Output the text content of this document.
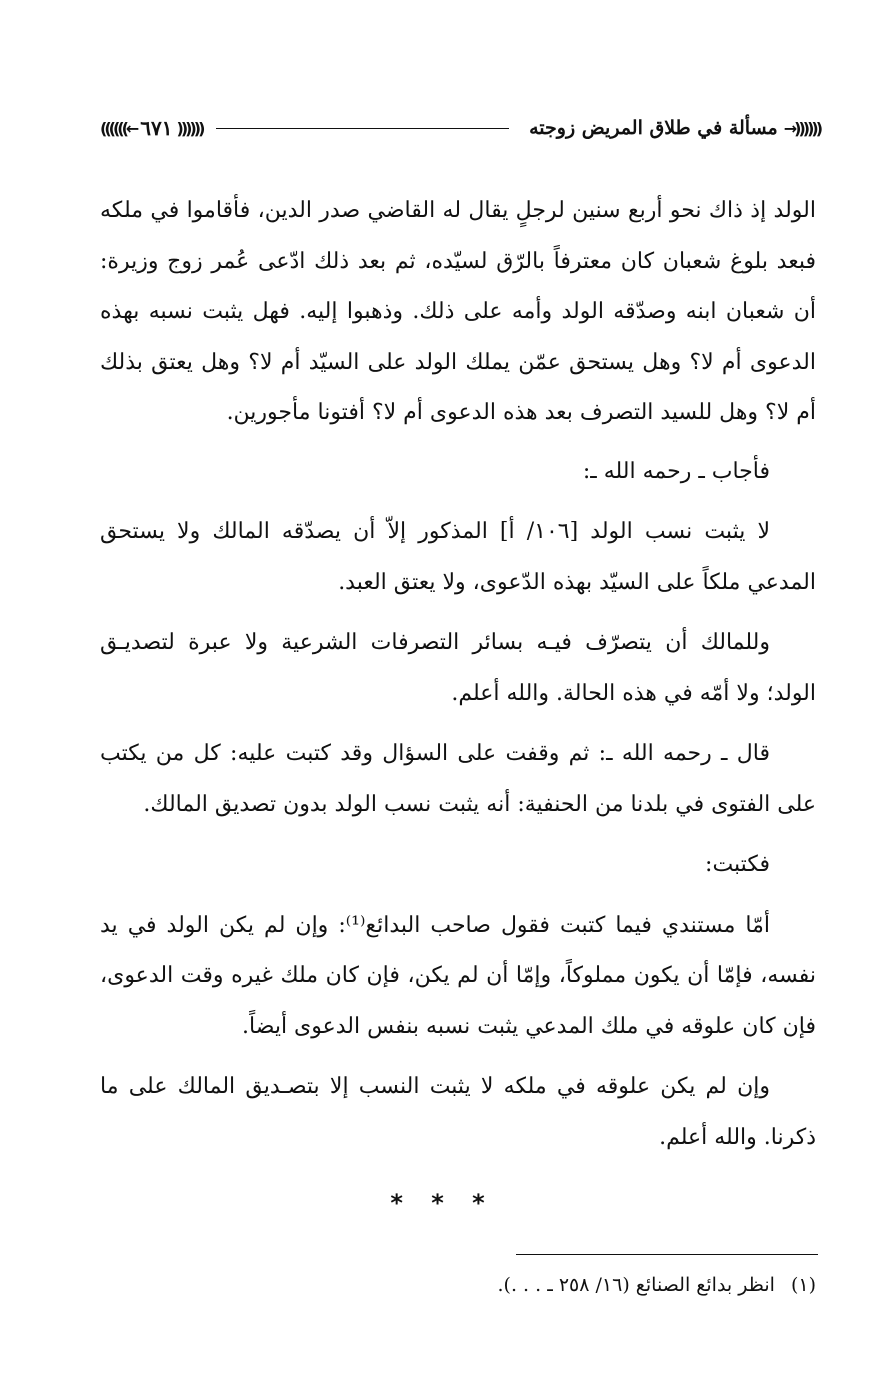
→))))))
مسألة في طلاق المريض زوجته
))))))
٦٧١
((((((←

الولد إذ ذاك نحو أربع سنين لرجلٍ يقال له القاضي صدر الدين، فأقاموا في ملكه فبعد بلوغ شعبان كان معترفاً بالرّق لسيّده، ثم بعد ذلك ادّعى عُمر زوج وزيرة: أن شعبان ابنه وصدّقه الولد وأمه على ذلك. وذهبوا إليه. فهل يثبت نسبه بهذه الدعوى أم لا؟ وهل يستحق عمّن يملك الولد على السيّد أم لا؟ وهل يعتق بذلك أم لا؟ وهل للسيد التصرف بعد هذه الدعوى أم لا؟ أفتونا مأجورين.

فأجاب ـ رحمه الله ـ:

لا يثبت نسب الولد [١٠٦/ أ] المذكور إلاّ أن يصدّقه المالك ولا يستحق المدعي ملكاً على السيّد بهذه الدّعوى، ولا يعتق العبد.

وللمالك أن يتصرّف فيـه بسائر التصرفات الشرعية ولا عبرة لتصديـق الولد؛ ولا أمّه في هذه الحالة. والله أعلم.

قال ـ رحمه الله ـ: ثم وقفت على السؤال وقد كتبت عليه: كل من يكتب على الفتوى في بلدنا من الحنفية: أنه يثبت نسب الولد بدون تصديق المالك.

فكتبت:

أمّا مستندي فيما كتبت فقول صاحب البدائع⁽¹⁾: وإن لم يكن الولد في يد نفسه، فإمّا أن يكون مملوكاً، وإمّا أن لم يكن، فإن كان ملك غيره وقت الدعوى، فإن كان علوقه في ملك المدعي يثبت نسبه بنفس الدعوى أيضاً.

وإن لم يكن علوقه في ملكه لا يثبت النسب إلا بتصـديق المالك على ما ذكرنا. والله أعلم.

* * *
(١) انظر بدائع الصنائع (١٦/ ٢٥٨ ـ . . .).
